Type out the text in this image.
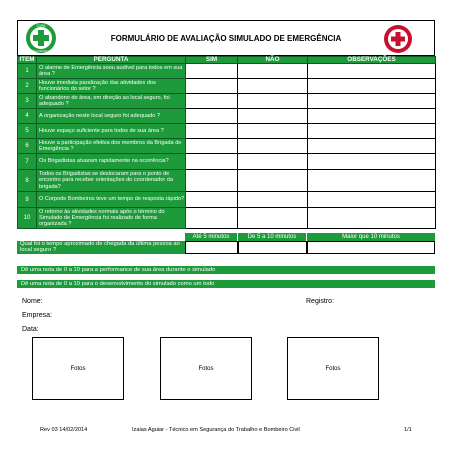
FORMULÁRIO DE AVALIAÇÃO SIMULADO DE EMERGÊNCIA
CIPA
SEGURANÇA
ITEM	PERGUNTA	SIM	NÃO	OBSERVAÇÕES
1	O alarme de Emergência soou audível para todos em sua área ?			
2	Houve imediata paralização das atividades dos funcionários do setor ?			
3	O abandono de área, em direção ao local seguro, foi adequado ?			
4	A organização neste local seguro foi adequado ?			
5	Houve espaço suficiente para todos de sua área ?			
6	Houve a participação efetiva dos membros da Brigada de Emergência ?			
7	Os Brigadistas atuaram rapidamente na ocorrência?			
8	Todos os Brigadistas se deslocaram para o ponto de encontro para receber orientações do coordenador da brigada?			
9	O Corpode Bombeiros teve um tempo de resposta rápido?			
10	O retorno às atividades normais após o término do Simulado de Emergência foi realizado de forma organizada ?			
Até 5 minutos	De 5 a 10 minutos	Maior que 10 minutos
Qual foi o tempo aproximado de chegada da última pessoa ao local seguro ?
Dê uma nota de 0 a 10 para a performance de sua área durante o simulado
Dê uma nota de 0 a 10 para o desenvolvimento do simulado como um todo
Nome:	Registro:
Empresa:
Data:
Fotos	Fotos	Fotos
Rev 03 14/02/2014	Izaias Aguiar - Técnico em Segurança do Trabalho e Bombeiro Civil	1/1
